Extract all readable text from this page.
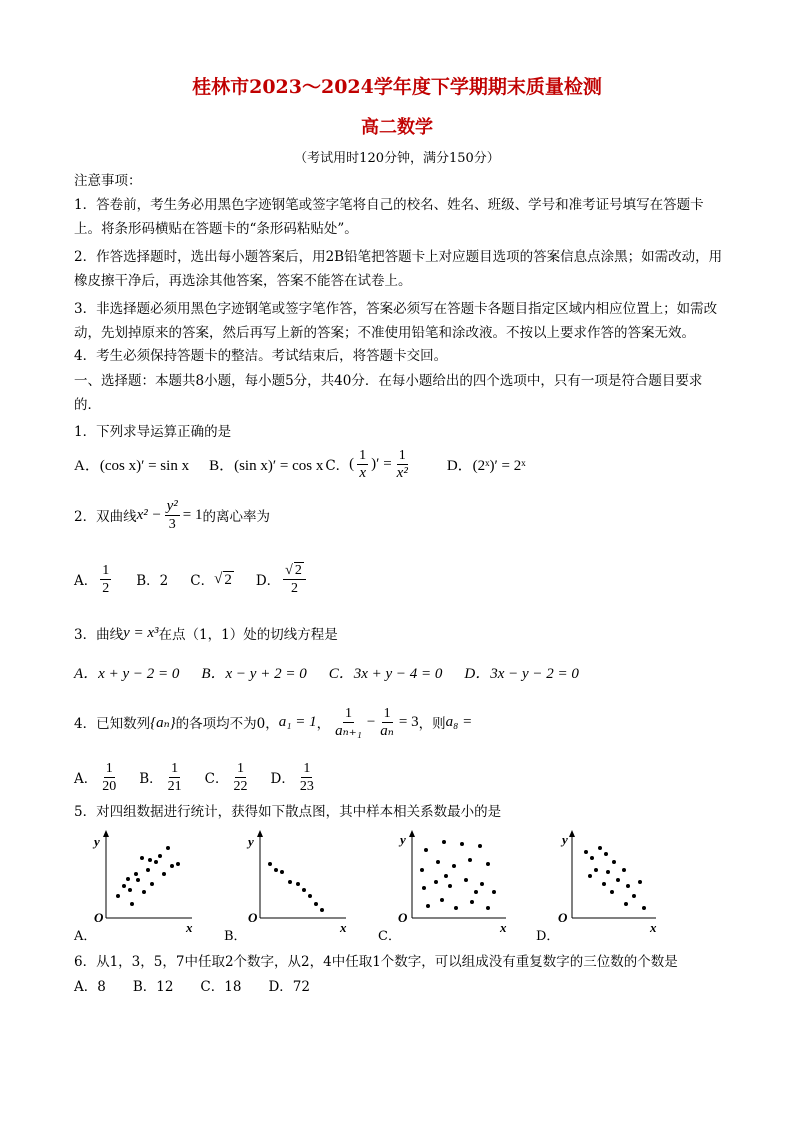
桂林市2023～2024学年度下学期期末质量检测
高二数学
（考试用时120分钟，满分150分）
注意事项：
1．答卷前，考生务必用黑色字迹钢笔或签字笔将自己的校名、姓名、班级、学号和准考证号填写在答题卡上。将条形码横贴在答题卡的“条形码粘贴处”。
2．作答选择题时，选出每小题答案后，用2B铅笔把答题卡上对应题目选项的答案信息点涂黑；如需改动，用橡皮擦干净后，再选涂其他答案，答案不能答在试卷上。
3．非选择题必须用黑色字迹钢笔或签字笔作答，答案必须写在答题卡各题目指定区域内相应位置上；如需改动，先划掉原来的答案，然后再写上新的答案；不准使用铅笔和涂改液。不按以上要求作答的答案无效。
4．考生必须保持答题卡的整洁。考试结束后，将答题卡交回。
一、选择题：本题共8小题，每小题5分，共40分．在每小题给出的四个选项中，只有一项是符合题目要求的．
1．下列求导运算正确的是
A．(cos x)′ = sin x B．(sin x)′ = cos x C． ( $\frac{1}{x}$ )′ = $\frac{1}{\text{x²}}$ D．(2ˣ)′ = 2ˣ
2．双曲线 $x^2 - \frac{\text{y²}}{3} = 1$ 的离心率为
A． $\frac{1}{2}$ B．2 C． √ 2 D． $\frac{√ 2}{2}$
3．曲线 y = x³ 在点（1，1）处的切线方程是
A．x + y − 2 = 0 B．x − y + 2 = 0 C．3x + y − 4 = 0 D．3x − y − 2 = 0
4．已知数列 {aₙ} 的各项均不为0， a₁ = 1 ， $\frac{1}{\text{aₙ₊₁}} - \frac{1}{\text{aₙ}} = 3$ ，则 a₈ =
A． $\frac{1}{20}$ B． $\frac{1}{21}$ C． $\frac{1}{22}$ D． $\frac{1}{23}$
5．对四组数据进行统计，获得如下散点图，其中样本相关系数最小的是
y
O
x
y
O
x
y
O
x
y
O
x
A．	B．	C．	D．
6．从1，3，5，7中任取2个数字，从2，4中任取1个数字，可以组成没有重复数字的三位数的个数是
A．8　　B．12　　C．18　　D．72
